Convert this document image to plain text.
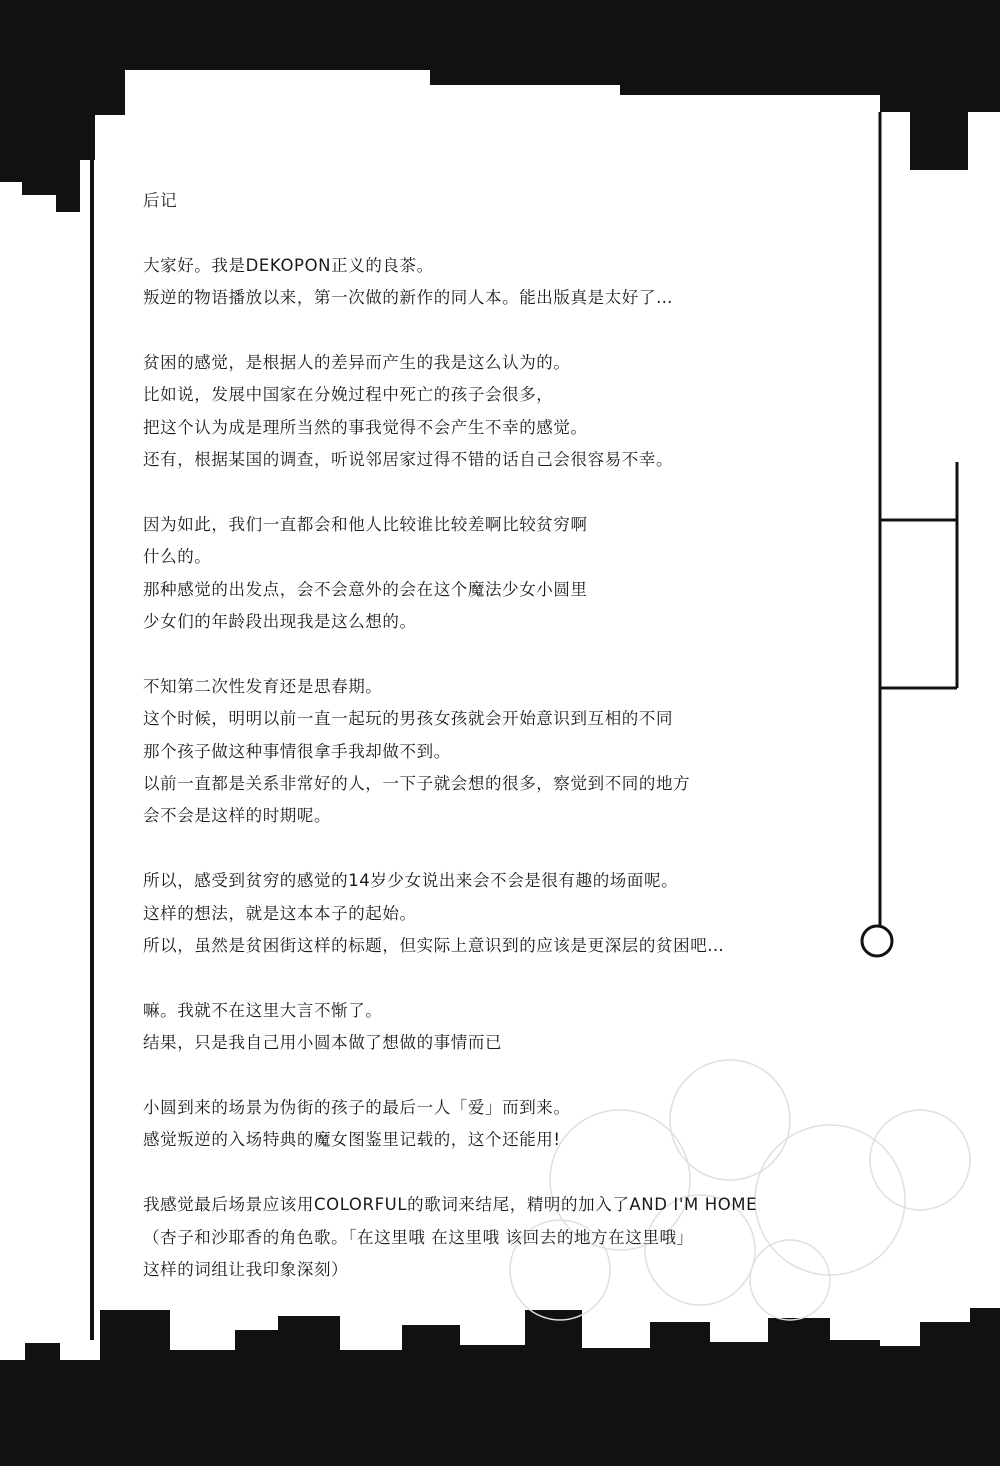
后记
大家好。我是DEKOPON正义的良茶。
叛逆的物语播放以来，第一次做的新作的同人本。能出版真是太好了…
贫困的感觉，是根据人的差异而产生的我是这么认为的。
比如说，发展中国家在分娩过程中死亡的孩子会很多，
把这个认为成是理所当然的事我觉得不会产生不幸的感觉。
还有，根据某国的调查，听说邻居家过得不错的话自己会很容易不幸。
因为如此，我们一直都会和他人比较谁比较差啊比较贫穷啊
什么的。
那种感觉的出发点，会不会意外的会在这个魔法少女小圆里
少女们的年龄段出现我是这么想的。
不知第二次性发育还是思春期。
这个时候，明明以前一直一起玩的男孩女孩就会开始意识到互相的不同
那个孩子做这种事情很拿手我却做不到。
以前一直都是关系非常好的人，一下子就会想的很多，察觉到不同的地方
会不会是这样的时期呢。
所以，感受到贫穷的感觉的14岁少女说出来会不会是很有趣的场面呢。
这样的想法，就是这本本子的起始。
所以，虽然是贫困街这样的标题，但实际上意识到的应该是更深层的贫困吧…
嘛。我就不在这里大言不惭了。
结果，只是我自己用小圆本做了想做的事情而已
小圆到来的场景为伪街的孩子的最后一人「爱」而到来。
感觉叛逆的入场特典的魔女图鉴里记载的，这个还能用!
我感觉最后场景应该用COLORFUL的歌词来结尾，精明的加入了AND I'M HOME
（杏子和沙耶香的角色歌。「在这里哦 在这里哦 该回去的地方在这里哦」
这样的词组让我印象深刻）
